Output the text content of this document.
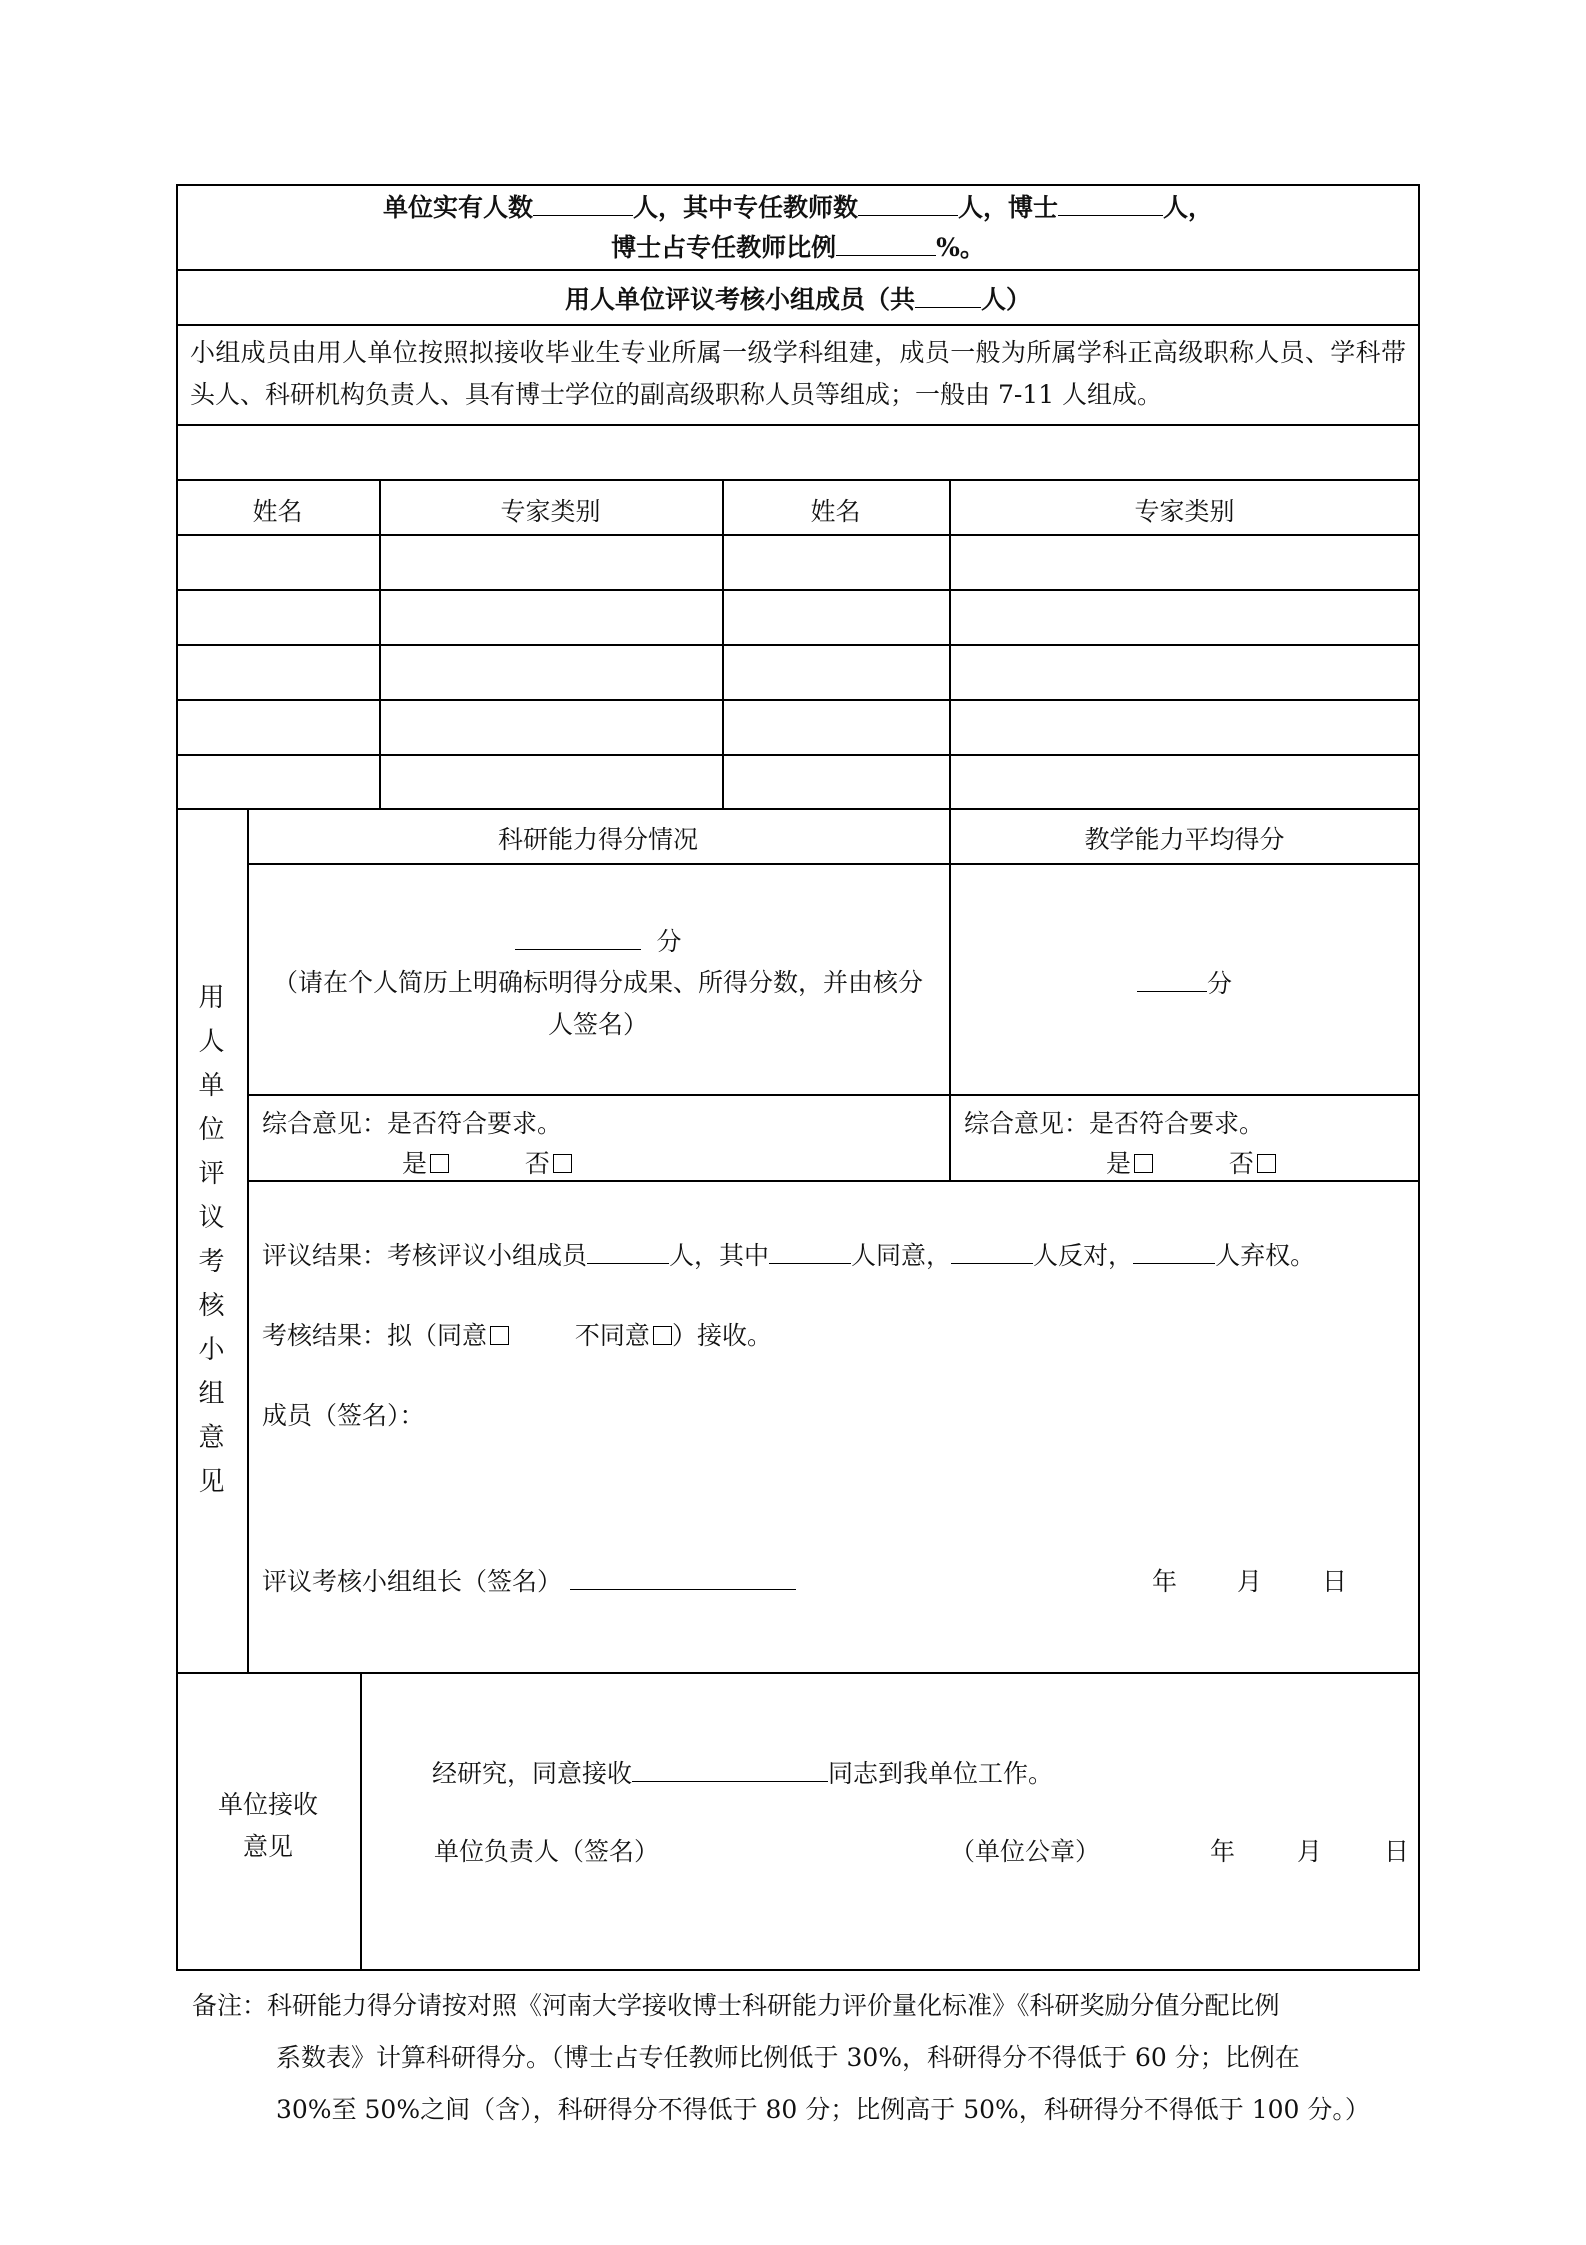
单位实有人数	人，其中专任教师数	人，博士	人，
博士占专任教师比例	%。
用人单位评议考核小组成员（共	人）
小组成员由用人单位按照拟接收毕业生专业所属一级学科组建，成员一般为所属学科正高级职称人员、学科带头人、科研机构负责人、具有博士学位的副高级职称人员等组成；一般由 7-11 人组成。
姓名	专家类别	姓名	专家类别
用人单位评议考核小组意见
科研能力得分情况	教学能力平均得分
分
（请在个人简历上明确标明得分成果、所得分数，并由核分人签名）
分
综合意见：是否符合要求。
是	否
综合意见：是否符合要求。
是	否
评议结果：考核评议小组成员	人，其中	人同意，	人反对，	人弃权。
考核结果：拟（同意	不同意 ）接收。
成员（签名）：
评议考核小组组长（签名）	年 月 日
单位接收
意见
经研究，同意接收	同志到我单位工作。
单位负责人（签名）	（单位公章）	年 月 日
备注：科研能力得分请按对照《河南大学接收博士科研能力评价量化标准》《科研奖励分值分配比例
系数表》计算科研得分。（博士占专任教师比例低于 30%，科研得分不得低于 60 分；比例在
30%至 50%之间（含），科研得分不得低于 80 分；比例高于 50%，科研得分不得低于 100 分。）
